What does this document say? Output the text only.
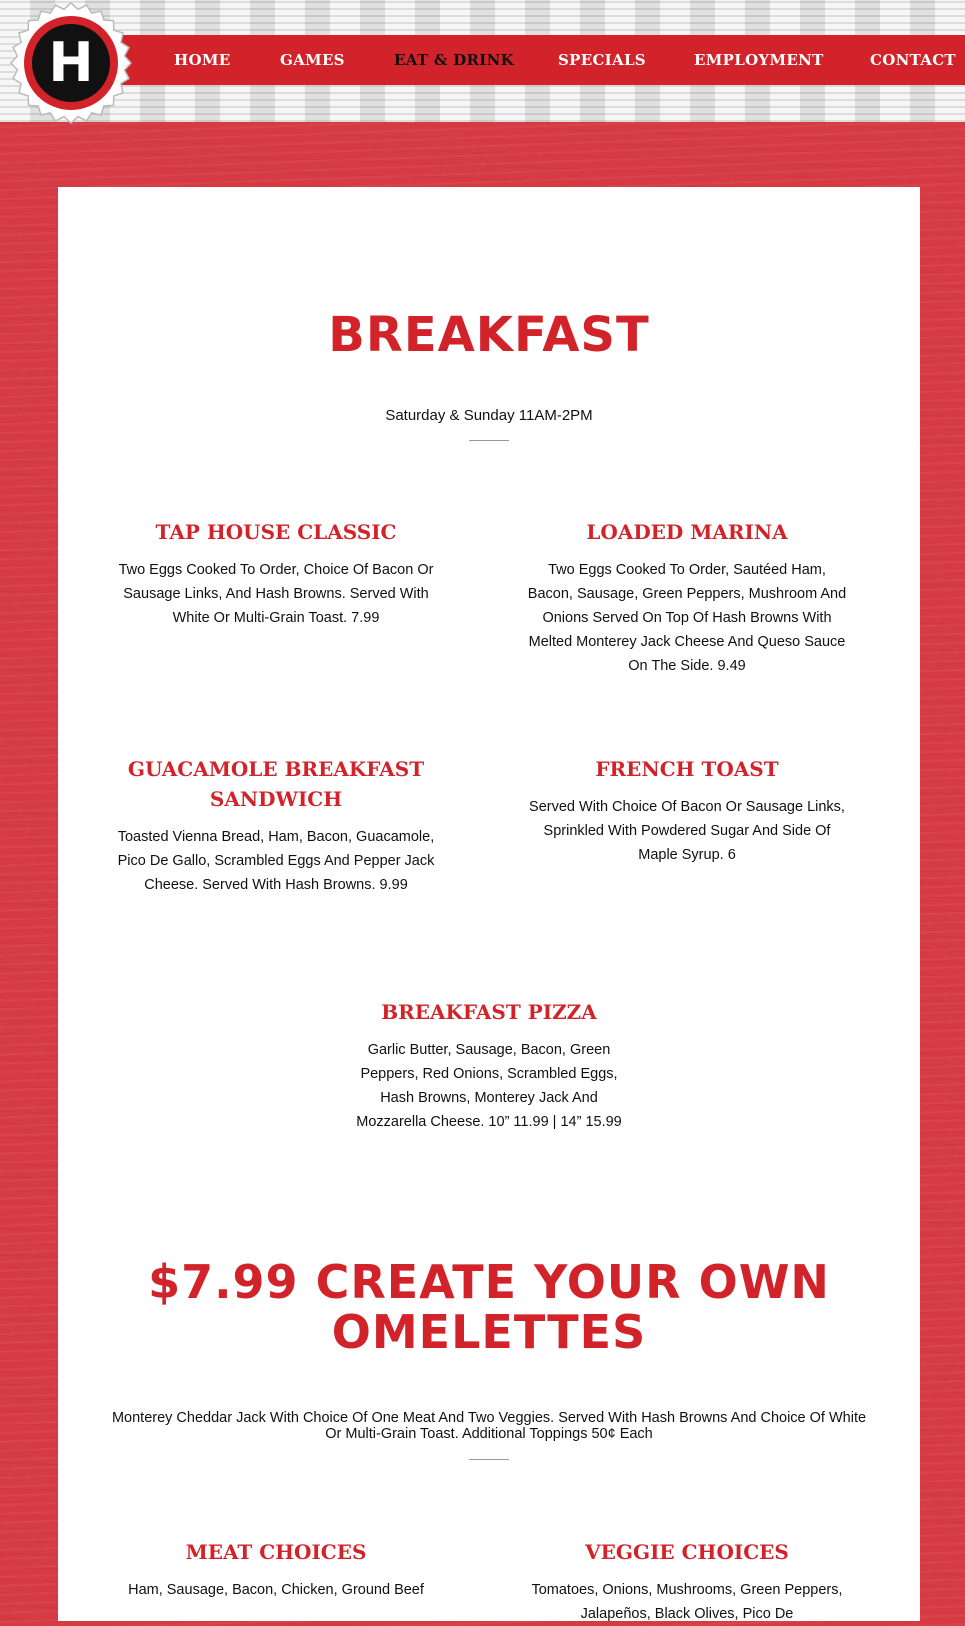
HOME	GAMES	EAT & DRINK	SPECIALS	EMPLOYMENT	CONTACT
H
BREAKFAST
Saturday & Sunday 11AM-2PM
TAP HOUSE CLASSIC
Two Eggs Cooked To Order, Choice Of Bacon Or Sausage Links, And Hash Browns. Served With White Or Multi-Grain Toast. 7.99
LOADED MARINA
Two Eggs Cooked To Order, Sautéed Ham, Bacon, Sausage, Green Peppers, Mushroom And Onions Served On Top Of Hash Browns With Melted Monterey Jack Cheese And Queso Sauce On The Side. 9.49
GUACAMOLE BREAKFAST SANDWICH
Toasted Vienna Bread, Ham, Bacon, Guacamole, Pico De Gallo, Scrambled Eggs And Pepper Jack Cheese. Served With Hash Browns. 9.99
FRENCH TOAST
Served With Choice Of Bacon Or Sausage Links, Sprinkled With Powdered Sugar And Side Of Maple Syrup. 6
BREAKFAST PIZZA
Garlic Butter, Sausage, Bacon, Green Peppers, Red Onions, Scrambled Eggs, Hash Browns, Monterey Jack And Mozzarella Cheese. 10” 11.99 | 14” 15.99
$7.99 CREATE YOUR OWN OMELETTES
Monterey Cheddar Jack With Choice Of One Meat And Two Veggies. Served With Hash Browns And Choice Of White Or Multi-Grain Toast. Additional Toppings 50¢ Each
MEAT CHOICES
Ham, Sausage, Bacon, Chicken, Ground Beef
VEGGIE CHOICES
Tomatoes, Onions, Mushrooms, Green Peppers, Jalapeños, Black Olives, Pico De
